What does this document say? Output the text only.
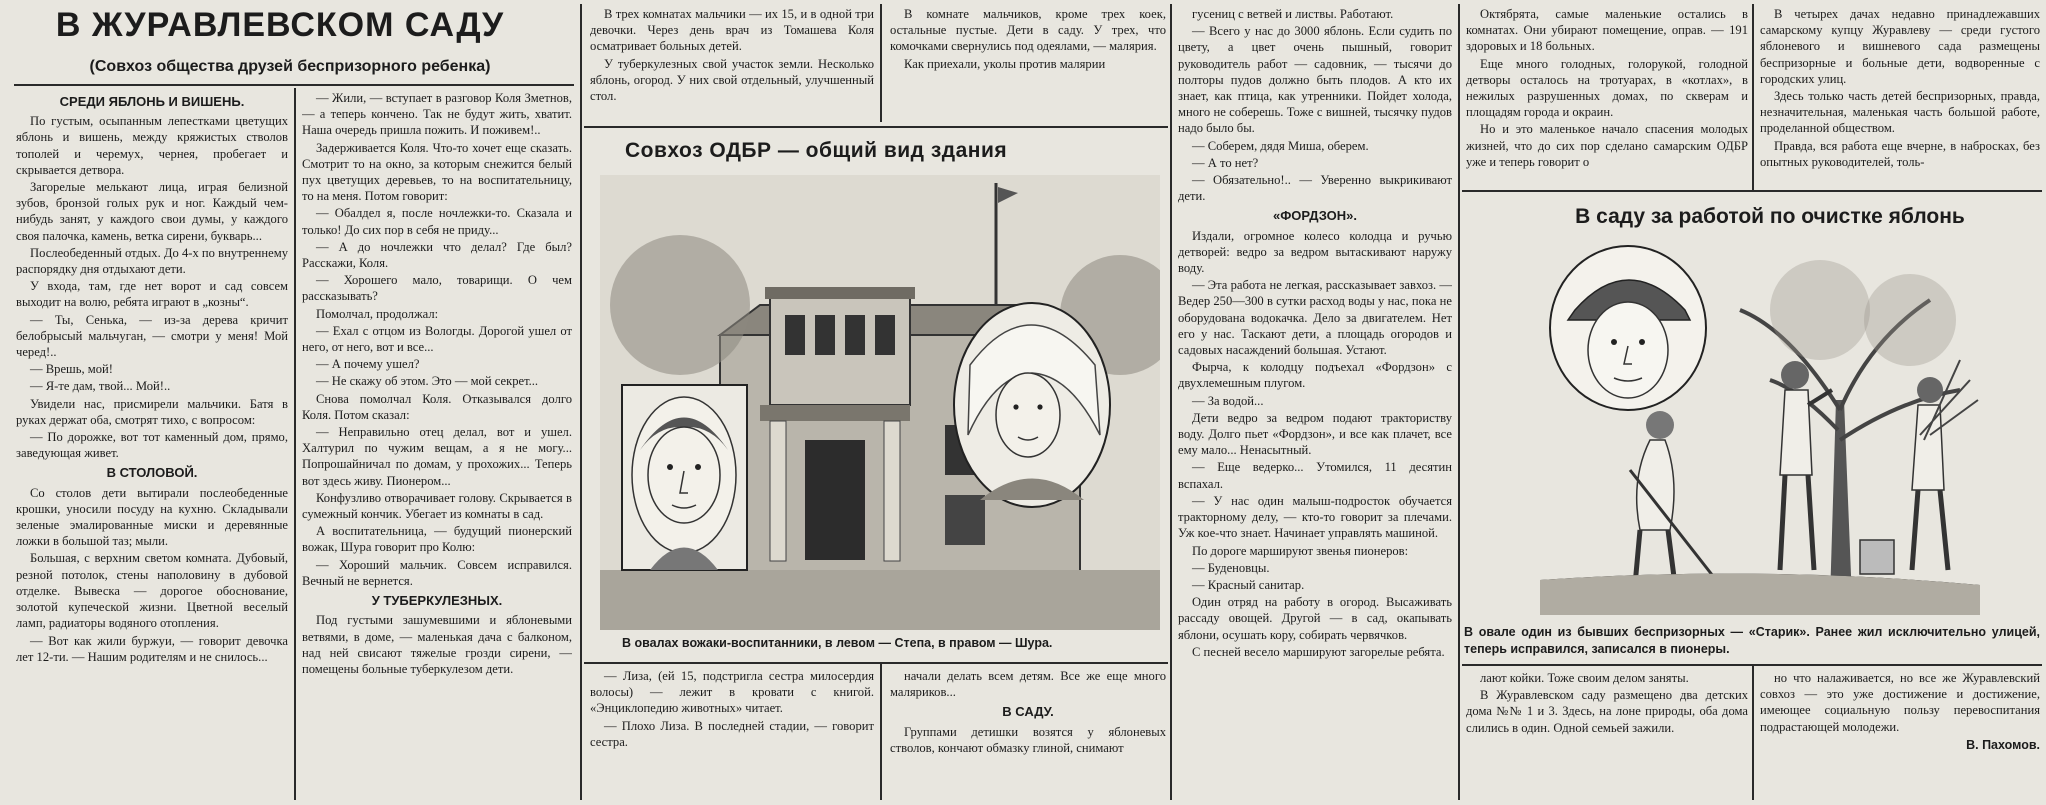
В ЖУРАВЛЕВСКОМ САДУ
(Совхоз общества друзей беспризорного ребенка)
СРЕДИ ЯБЛОНЬ И ВИШЕНЬ.

По густым, осыпанным лепестками цветущих яблонь и вишень, между кряжистых стволов тополей и черемух, чернея, пробегает и скрывается детвора.

Загорелые мелькают лица, играя белизной зубов, бронзой голых рук и ног. Каждый чем-нибудь занят, у каждого свои думы, у каждого своя палочка, камень, ветка сирени, букварь...

Послеобеденный отдых. До 4-х по внутреннему распорядку дня отдыхают дети.

У входа, там, где нет ворот и сад совсем выходит на волю, ребята играют в „козны“.

— Ты, Сенька, — из-за дерева кричит белобрысый мальчуган, — смотри у меня! Мой черед!..

— Врешь, мой!

— Я-те дам, твой... Мой!..

Увидели нас, присмирели мальчики. Батя в руках держат оба, смотрят тихо, с вопросом:

— По дорожке, вот тот каменный дом, прямо, заведующая живет.

В СТОЛОВОЙ.

Со столов дети вытирали послеобеденные крошки, уносили посуду на кухню. Складывали зеленые эмалированные миски и деревянные ложки в большой таз; мыли.

Большая, с верхним светом комната. Дубовый, резной потолок, стены наполовину в дубовой отделке. Вывеска — дорогое обоснование, золотой купеческой жизни. Цветной веселый ламп, радиаторы водяного отопления.

— Вот как жили буржуи, — говорит девочка лет 12-ти. — Нашим родителям и не снилось...

— Жили, — вступает в разговор Коля Зметнов, — а теперь кончено. Так не будут жить, хватит. Наша очередь пришла пожить. И поживем!..

Задерживается Коля. Что-то хочет еще сказать. Смотрит то на окно, за которым снежится белый пух цветущих деревьев, то на воспитательницу, то на меня. Потом говорит:

— Обалдел я, после ночлежки-то. Сказала и только! До сих пор в себя не приду...

— А до ночлежки что делал? Где был? Расскажи, Коля.

— Хорошего мало, товарищи. О чем рассказывать?

Помолчал, продолжал:

— Ехал с отцом из Вологды. Дорогой ушел от него, от него, вот и все...

— А почему ушел?

— Не скажу об этом. Это — мой секрет...

Снова помолчал Коля. Отказывался долго Коля. Потом сказал:

— Неправильно отец делал, вот и ушел. Халтурил по чужим вещам, а я не могу... Попрошайничал по домам, у прохожих... Теперь вот здесь живу. Пионером...

Конфузливо отворачивает голову. Скрывается в сумежный кончик. Убегает из комнаты в сад.

А воспитательница, — будущий пионерский вожак, Шура говорит про Колю:

— Хороший мальчик. Совсем исправился. Вечный не вернется.

У ТУБЕРКУЛЕЗНЫХ.

Под густыми зашумевшими и яблоневыми ветвями, в доме, — маленькая дача с балконом, над ней свисают тяжелые грозди сирени, — помещены больные туберкулезом дети.

В трех комнатах мальчики — их 15, и в одной три девочки. Через день врач из Томашева Коля осматривает больных детей.

У туберкулезных свой участок земли. Несколько яблонь, огород. У них свой отдельный, улучшенный стол.

В комнате мальчиков, кроме трех коек, остальные пустые. Дети в саду. У трех, что комочками свернулись под одеялами, — малярия.

Как приехали, уколы против малярии

Совхоз ОДБР — общий вид здания
В овалах вожаки-воспитанники, в левом — Степа, в правом — Шура.

— Лиза, (ей 15, подстригла сестра милосердия волосы) — лежит в кровати с книгой. «Энциклопедию животных» читает.

— Плохо Лиза. В последней стадии, — говорит сестра.

начали делать всем детям. Все же еще много маляриков...

В САДУ.

Группами детишки возятся у яблоневых стволов, кончают обмазку глиной, снимают

гусениц с ветвей и листвы. Работают.

— Всего у нас до 3000 яблонь. Если судить по цвету, а цвет очень пышный, говорит руководитель работ — садовник, — тысячи до полторы пудов должно быть плодов. А кто их знает, как птица, как утренники. Пойдет холода, много не соберешь. Тоже с вишней, тысячку пудов надо было бы.

— Соберем, дядя Миша, оберем.

— А то нет?

— Обязательно!.. — Уверенно выкрикивают дети.

«ФОРДЗОН».

Издали, огромное колесо колодца и ручью детворей: ведро за ведром вытаскивают наружу воду.

— Эта работа не легкая, рассказывает завхоз. — Ведер 250—300 в сутки расход воды у нас, пока не оборудована водокачка. Дело за двигателем. Нет его у нас. Таскают дети, а площадь огородов и садовых насаждений большая. Устают.

Фырча, к колодцу подъехал «Фордзон» с двухлемешным плугом.

— За водой...

Дети ведро за ведром подают тракториству воду. Долго пьет «Фордзон», и все как плачет, все ему мало... Ненасытный.

— Еще ведерко... Утомился, 11 десятин вспахал.

— У нас один малыш-подросток обучается тракторному делу, — кто-то говорит за плечами. Уж кое-что знает. Начинает управлять машиной.

По дороге маршируют звенья пионеров:

— Буденовцы.

— Красный санитар.

Один отряд на работу в огород. Высаживать рассаду овощей. Другой — в сад, окапывать яблони, осушать кору, собирать червячков.

С песней весело маршируют загорелые ребята.

Октябрята, самые маленькие остались в комнатах. Они убирают помещение, оправ. — 191 здоровых и 18 больных.

Еще много голодных, голорукой, голодной детворы осталось на тротуарах, в «котлах», в нежилых разрушенных домах, по скверам и площадям города и окраин.

Но и это маленькое начало спасения молодых жизней, что до сих пор сделано самарским ОДБР уже и теперь говорит о

В четырех дачах недавно принадлежавших самарскому купцу Журавлеву — среди густого яблоневого и вишневого сада размещены беспризорные и больные дети, водворенные с городских улиц.

Здесь только часть детей беспризорных, правда, незначительная, маленькая часть большой работе, проделанной обществом.

Правда, вся работа еще вчерне, в набросках, без опытных руководителей, толь-

В саду за работой по очистке яблонь
В овале один из бывших беспризорных — «Старик». Ранее жил исключительно улицей, теперь исправился, записался в пионеры.

лают койки. Тоже своим делом заняты.

В Журавлевском саду размещено два детских дома №№ 1 и 3. Здесь, на лоне природы, оба дома слились в один. Одной семьей зажили.

но что налаживается, но все же Журавлевский совхоз — это уже достижение и достижение, имеющее социальную пользу перевоспитания подрастающей молодежи.

В. Пахомов.
